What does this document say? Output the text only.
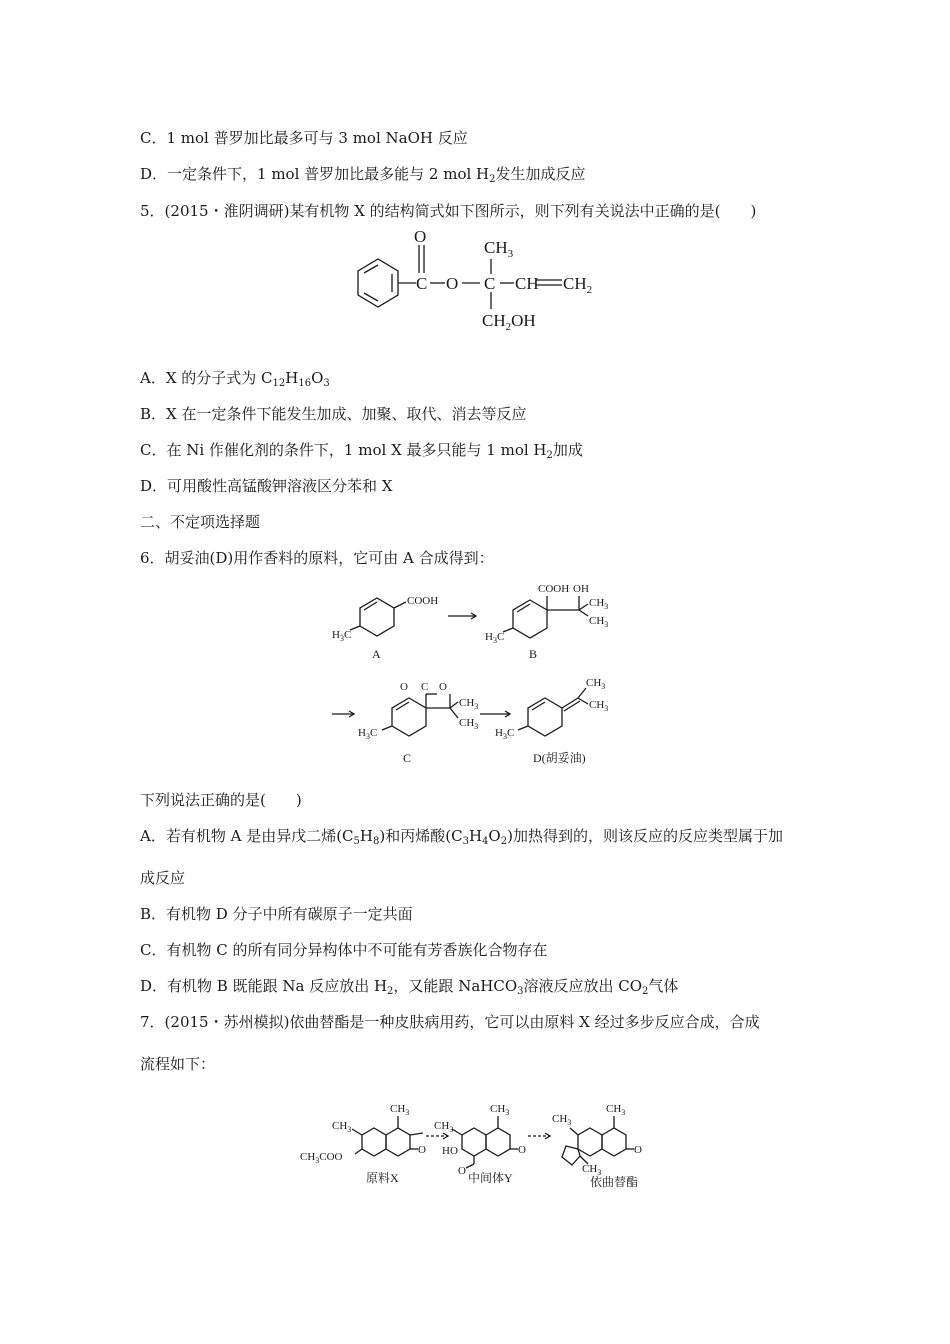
C．1 mol 普罗加比最多可与 3 mol NaOH 反应
D．一定条件下，1 mol 普罗加比最多能与 2 mol $H_2$发生加成反应
5．(2015・淮阴调研)某有机物 X 的结构简式如下图所示，则下列有关说法中正确的是(　　)
O
C O C
$CH_3$
CH $CH_2$
$CH_2OH$
A．X 的分子式为 $C_{12}H_{16}O_3$
B．X 在一定条件下能发生加成、加聚、取代、消去等反应
C．在 Ni 作催化剂的条件下，1 mol X 最多只能与 1 mol $H_2$加成
D．可用酸性高锰酸钾溶液区分苯和 X
二、不定项选择题
6．胡妥油(D)用作香料的原料，它可由 A 合成得到：
COOH
$H_3C$
A
COOH OH
$CH_3$
$CH_3$
$H_3C$
B
O C O
$CH_3$
$CH_3$
$H_3C$
C
$CH_3$
$CH_3$
$H_3C$
D(胡妥油)
下列说法正确的是(　　)
A．若有机物 A 是由异戊二烯$(C_5H_8)$和丙烯酸$(C_3H_4O_2)$加热得到的，则该反应的反应类型属于加
成反应
B．有机物 D 分子中所有碳原子一定共面
C．有机物 C 的所有同分异构体中不可能有芳香族化合物存在
D．有机物 B 既能跟 Na 反应放出 $H_2$，又能跟 NaHCO$_3$溶液反应放出 $CO_2$气体
7．(2015・苏州模拟)依曲替酯是一种皮肤病用药，它可以由原料 X 经过多步反应合成，合成
流程如下：
$CH_3$
$CH_3$
$CH_3COO$
O
原料X
$CH_3$
$CH_3$
HO	O
O 中间体Y
$CH_3$
$CH_3$
O
$CH_3$
依曲替酯
